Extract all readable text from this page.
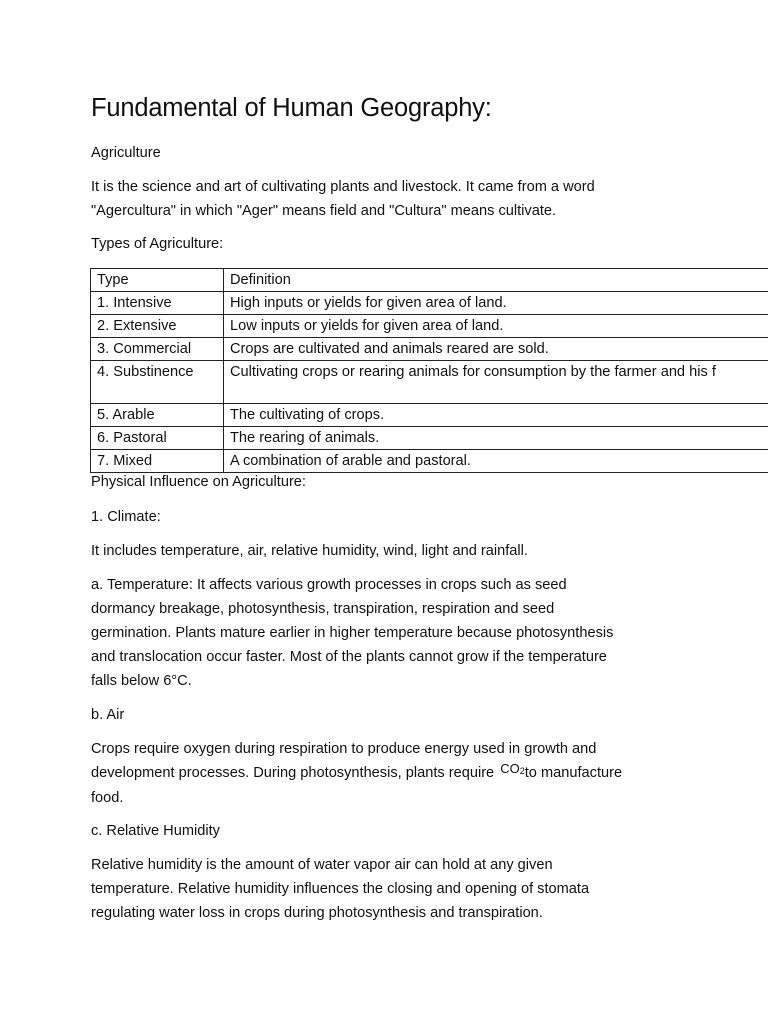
Fundamental of Human Geography:

Agriculture

It is the science and art of cultivating plants and livestock. It came from a word
"Agercultura" in which "Ager" means field and "Cultura" means cultivate.

Types of Agriculture:

Type	Definition
1. Intensive	High inputs or yields for given area of land.
2. Extensive	Low inputs or yields for given area of land.
3. Commercial	Crops are cultivated and animals reared are sold.
4. Substinence	Cultivating crops or rearing animals for consumption by the farmer and his f
5. Arable	The cultivating of crops.
6. Pastoral	The rearing of animals.
7. Mixed	A combination of arable and pastoral.

Physical Influence on Agriculture:

1. Climate:

It includes temperature, air, relative humidity, wind, light and rainfall.

a. Temperature: It affects various growth processes in crops such as seed
dormancy breakage, photosynthesis, transpiration, respiration and seed
germination. Plants mature earlier in higher temperature because photosynthesis
and translocation occur faster. Most of the plants cannot grow if the temperature
falls below 6°C.

b. Air

Crops require oxygen during respiration to produce energy used in growth and
development processes. During photosynthesis, plants require $CO_2to$ manufacture
food.

c. Relative Humidity

Relative humidity is the amount of water vapor air can hold at any given
temperature. Relative humidity influences the closing and opening of stomata
regulating water loss in crops during photosynthesis and transpiration.
